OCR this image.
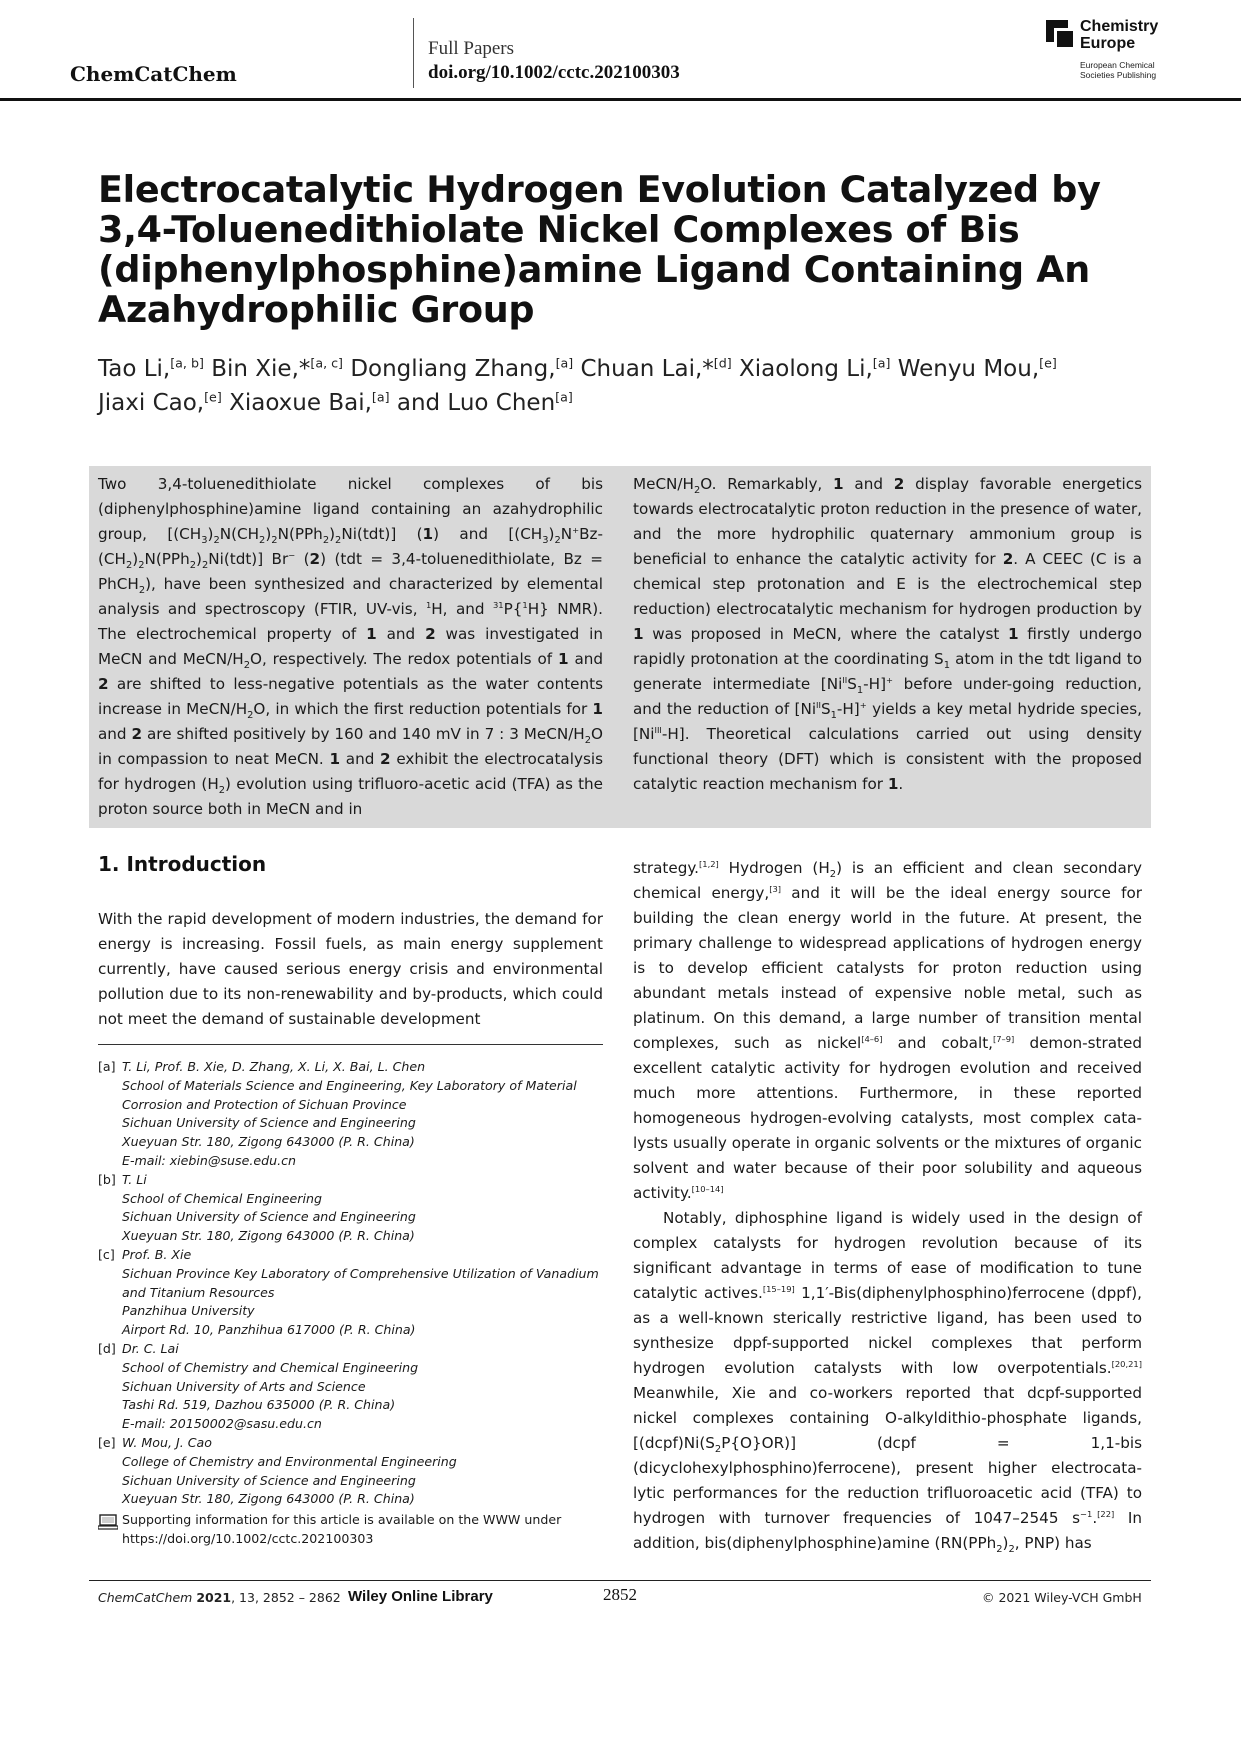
ChemCatChem
Full Papers
doi.org/10.1002/cctc.202100303
Chemistry
Europe
European Chemical
Societies Publishing
Electrocatalytic Hydrogen Evolution Catalyzed by 3,4-Toluenedithiolate Nickel Complexes of Bis (diphenylphosphine)amine Ligand Containing An Azahydrophilic Group
Tao Li,[a, b] Bin Xie,*[a, c] Dongliang Zhang,[a] Chuan Lai,*[d] Xiaolong Li,[a] Wenyu Mou,[e]
Jiaxi Cao,[e] Xiaoxue Bai,[a] and Luo Chen[a]
Two 3,4-toluenedithiolate nickel complexes of bis (diphenylphosphine)amine ligand containing an azahydrophilic group, $[(CH_3)_2N(CH_2)_2N(PPh_2)_2Ni(tdt)]$ (1) and $[(CH_3)_2N^+Bz-(CH_2)_2N(PPh_2)_2Ni(tdt)]$ Br− (2) (tdt = 3,4-toluenedithiolate, Bz = PhCH$_2$), have been synthesized and characterized by elemental analysis and spectroscopy (FTIR, UV-vis, $^1$H, and $^{31}$P{$^1$H} NMR). The electrochemical property of 1 and 2 was investigated in MeCN and MeCN/$H_2O$, respectively. The redox potentials of 1 and 2 are shifted to less-negative potentials as the water contents increase in MeCN/$H_2O$, in which the first reduction potentials for 1 and 2 are shifted positively by 160 and 140 mV in 7 : 3 MeCN/$H_2O$ in compassion to neat MeCN. 1 and 2 exhibit the electrocatalysis for hydrogen $(H_2)$ evolution using trifluoro-acetic acid (TFA) as the proton source both in MeCN and in
MeCN/$H_2O$. Remarkably, 1 and 2 display favorable energetics towards electrocatalytic proton reduction in the presence of water, and the more hydrophilic quaternary ammonium group is beneficial to enhance the catalytic activity for 2. A CEEC (C is a chemical step protonation and E is the electrochemical step reduction) electrocatalytic mechanism for hydrogen production by 1 was proposed in MeCN, where the catalyst 1 firstly undergo rapidly protonation at the coordinating $S_1$ atom in the tdt ligand to generate intermediate $[Ni^{II}S_1-H]^+$ before under-going reduction, and the reduction of $[Ni^{II}S_1-H]^+$ yields a key metal hydride species, $[Ni^{III}-H]$. Theoretical calculations carried out using density functional theory (DFT) which is consistent with the proposed catalytic reaction mechanism for 1.
1. Introduction
With the rapid development of modern industries, the demand for energy is increasing. Fossil fuels, as main energy supplement currently, have caused serious energy crisis and environmental pollution due to its non-renewability and by-products, which could not meet the demand of sustainable development
strategy.[1,2] Hydrogen $(H_2)$ is an efficient and clean secondary chemical energy,[3] and it will be the ideal energy source for building the clean energy world in the future. At present, the primary challenge to widespread applications of hydrogen energy is to develop efficient catalysts for proton reduction using abundant metals instead of expensive noble metal, such as platinum. On this demand, a large number of transition mental complexes, such as nickel[4–6] and cobalt,[7–9] demon-strated excellent catalytic activity for hydrogen evolution and received much more attentions. Furthermore, in these reported homogeneous hydrogen-evolving catalysts, most complex cata-lysts usually operate in organic solvents or the mixtures of organic solvent and water because of their poor solubility and aqueous activity.[10–14]
Notably, diphosphine ligand is widely used in the design of complex catalysts for hydrogen revolution because of its significant advantage in terms of ease of modification to tune catalytic actives.[15–19] 1,1′-Bis(diphenylphosphino)ferrocene (dppf), as a well-known sterically restrictive ligand, has been used to synthesize dppf-supported nickel complexes that perform hydrogen evolution catalysts with low overpotentials.[20,21] Meanwhile, Xie and co-workers reported that dcpf-supported nickel complexes containing O-alkyldithio-phosphate ligands, $[(dcpf)Ni(S_2P\{O\}OR)]$ (dcpf = 1,1-bis (dicyclohexylphosphino)ferrocene), present higher electrocata-lytic performances for the reduction trifluoroacetic acid (TFA) to hydrogen with turnover frequencies of 1047–2545 $s^{-1}.[22]$ In addition, bis(diphenylphosphine)amine ($RN(PPh_2)_2$, PNP) has
[a] T. Li, Prof. B. Xie, D. Zhang, X. Li, X. Bai, L. Chen
School of Materials Science and Engineering, Key Laboratory of Material
Corrosion and Protection of Sichuan Province
Sichuan University of Science and Engineering
Xueyuan Str. 180, Zigong 643000 (P. R. China)
E-mail: xiebin@suse.edu.cn
[b] T. Li
School of Chemical Engineering
Sichuan University of Science and Engineering
Xueyuan Str. 180, Zigong 643000 (P. R. China)
[c] Prof. B. Xie
Sichuan Province Key Laboratory of Comprehensive Utilization of Vanadium
and Titanium Resources
Panzhihua University
Airport Rd. 10, Panzhihua 617000 (P. R. China)
[d] Dr. C. Lai
School of Chemistry and Chemical Engineering
Sichuan University of Arts and Science
Tashi Rd. 519, Dazhou 635000 (P. R. China)
E-mail: 20150002@sasu.edu.cn
[e] W. Mou, J. Cao
College of Chemistry and Environmental Engineering
Sichuan University of Science and Engineering
Xueyuan Str. 180, Zigong 643000 (P. R. China)
Supporting information for this article is available on the WWW under
https://doi.org/10.1002/cctc.202100303
ChemCatChem 2021, 13, 2852 – 2862 Wiley Online Library	2852	© 2021 Wiley-VCH GmbH
